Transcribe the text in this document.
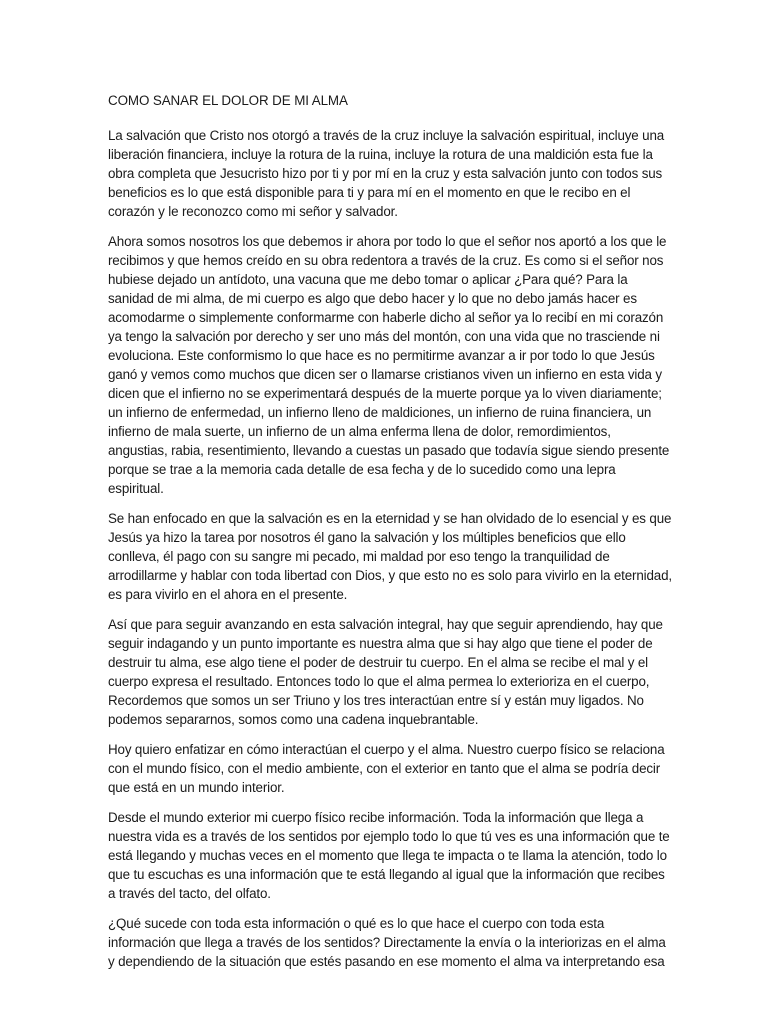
COMO SANAR EL DOLOR DE MI ALMA

La salvación que Cristo nos otorgó a través de la cruz incluye la salvación espiritual, incluye una liberación financiera, incluye la rotura de la ruina, incluye la rotura de una maldición esta fue la obra completa que Jesucristo hizo por ti y por mí en la cruz y esta salvación junto con todos sus beneficios es lo que está disponible para ti y para mí en el momento en que le recibo en el corazón y le reconozco como mi señor y salvador.

Ahora somos nosotros los que debemos ir ahora por todo lo que el señor nos aportó a los que le recibimos y que hemos creído en su obra redentora a través de la cruz. Es como si el señor nos hubiese dejado un antídoto, una vacuna que me debo tomar o aplicar ¿Para qué? Para la sanidad de mi alma, de mi cuerpo es algo que debo hacer y lo que no debo jamás hacer es acomodarme o simplemente conformarme con haberle dicho al señor ya lo recibí en mi corazón ya tengo la salvación por derecho y ser uno más del montón, con una vida que no trasciende ni evoluciona. Este conformismo lo que hace es no permitirme avanzar a ir por todo lo que Jesús ganó y vemos como muchos que dicen ser o llamarse cristianos viven un infierno en esta vida y dicen que el infierno no se experimentará después de la muerte porque ya lo viven diariamente; un infierno de enfermedad, un infierno lleno de maldiciones, un infierno de ruina financiera, un infierno de mala suerte, un infierno de un alma enferma llena de dolor, remordimientos, angustias, rabia, resentimiento, llevando a cuestas un pasado que todavía sigue siendo presente porque se trae a la memoria cada detalle de esa fecha y de lo sucedido como una lepra espiritual.

Se han enfocado en que la salvación es en la eternidad y se han olvidado de lo esencial y es que Jesús ya hizo la tarea por nosotros él gano la salvación y los múltiples beneficios que ello conlleva, él pago con su sangre mi pecado, mi maldad por eso tengo la tranquilidad de arrodillarme y hablar con toda libertad con Dios, y que esto no es solo para vivirlo en la eternidad, es para vivirlo en el ahora en el presente.

Así que para seguir avanzando en esta salvación integral, hay que seguir aprendiendo, hay que seguir indagando y un punto importante es nuestra alma que si hay algo que tiene el poder de destruir tu alma, ese algo tiene el poder de destruir tu cuerpo. En el alma se recibe el mal y el cuerpo expresa el resultado. Entonces todo lo que el alma permea lo exterioriza en el cuerpo, Recordemos que somos un ser Triuno y los tres interactúan entre sí y están muy ligados. No podemos separarnos, somos como una cadena inquebrantable.

Hoy quiero enfatizar en cómo interactúan el cuerpo y el alma. Nuestro cuerpo físico se relaciona con el mundo físico, con el medio ambiente, con el exterior en tanto que el alma se podría decir que está en un mundo interior.

Desde el mundo exterior mi cuerpo físico recibe información. Toda la información que llega a nuestra vida es a través de los sentidos por ejemplo todo lo que tú ves es una información que te está llegando y muchas veces en el momento que llega te impacta o te llama la atención, todo lo que tu escuchas es una información que te está llegando al igual que la información que recibes a través del tacto, del olfato.

¿Qué sucede con toda esta información o qué es lo que hace el cuerpo con toda esta información que llega a través de los sentidos? Directamente la envía o la interiorizas en el alma y dependiendo de la situación que estés pasando en ese momento el alma va interpretando esa
